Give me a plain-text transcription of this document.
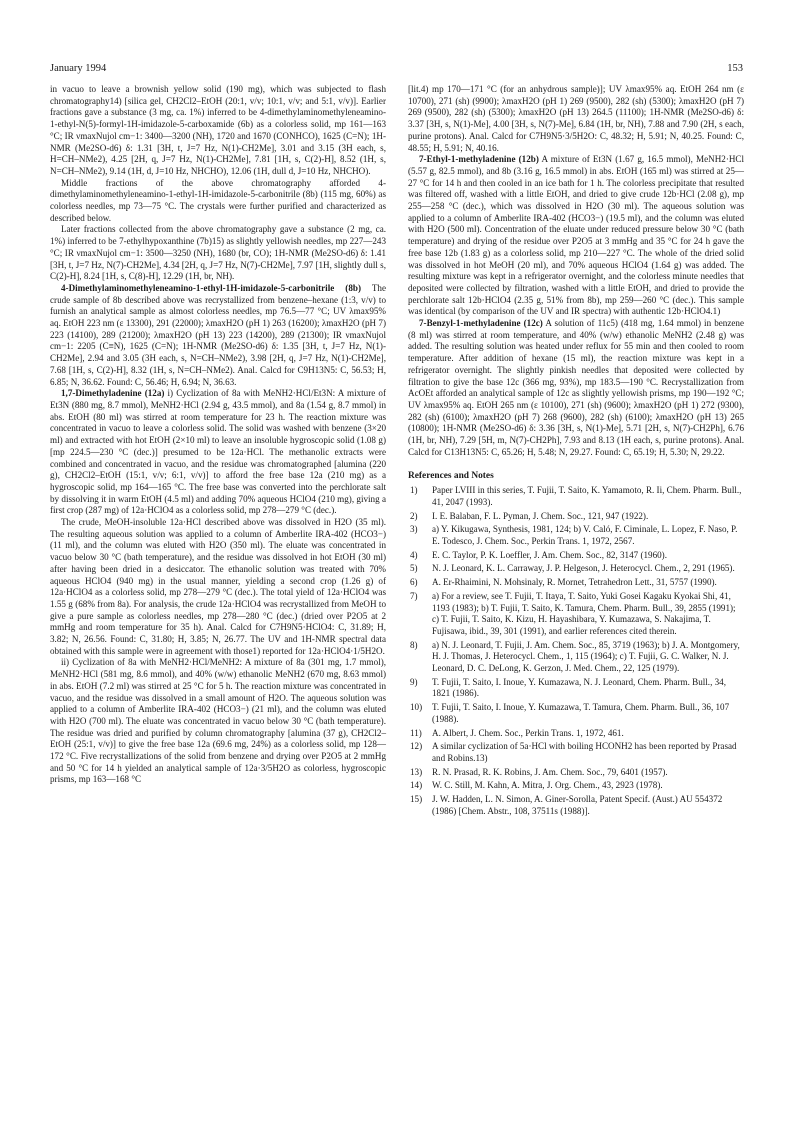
January 1994	153

in vacuo to leave a brownish yellow solid (190 mg), which was subjected to flash chromatography14) [silica gel, CH2Cl2–EtOH (20:1, v/v; 10:1, v/v; and 5:1, v/v)]. Earlier fractions gave a substance (3 mg, ca. 1%) inferred to be 4-dimethylaminomethyleneamino-1-ethyl-N(5)-formyl-1H-imidazole-5-carboxamide (6b) as a colorless solid, mp 161—163 °C; IR νmaxNujol cm−1: 3400—3200 (NH), 1720 and 1670 (CONHCO), 1625 (C=N); 1H-NMR (Me2SO-d6) δ: 1.31 [3H, t, J=7 Hz, N(1)-CH2Me], 3.01 and 3.15 (3H each, s, H=CH–NMe2), 4.25 [2H, q, J=7 Hz, N(1)-CH2Me], 7.81 [1H, s, C(2)-H], 8.52 (1H, s, N=CH–NMe2), 9.14 (1H, d, J=10 Hz, NHCHO), 12.06 (1H, dull d, J=10 Hz, NHCHO).

Middle fractions of the above chromatography afforded 4-dimethylaminomethyleneamino-1-ethyl-1H-imidazole-5-carbonitrile (8b) (115 mg, 60%) as colorless needles, mp 73—75 °C. The crystals were further purified and characterized as described below.

Later fractions collected from the above chromatography gave a substance (2 mg, ca. 1%) inferred to be 7-ethylhypoxanthine (7b)15) as slightly yellowish needles, mp 227—243 °C; IR νmaxNujol cm−1: 3500—3250 (NH), 1680 (br, CO); 1H-NMR (Me2SO-d6) δ: 1.41 [3H, t, J=7 Hz, N(7)-CH2Me], 4.34 [2H, q, J=7 Hz, N(7)-CH2Me], 7.97 [1H, slightly dull s, C(2)-H], 8.24 [1H, s, C(8)-H], 12.29 (1H, br, NH).

4-Dimethylaminomethyleneamino-1-ethyl-1H-imidazole-5-carbonitrile (8b) The crude sample of 8b described above was recrystallized from benzene–hexane (1:3, v/v) to furnish an analytical sample as almost colorless needles, mp 76.5—77 °C; UV λmax95% aq. EtOH 223 nm (ε 13300), 291 (22000); λmaxH2O (pH 1) 263 (16200); λmaxH2O (pH 7) 223 (14100), 289 (21200); λmaxH2O (pH 13) 223 (14200), 289 (21300); IR νmaxNujol cm−1: 2205 (C≡N), 1625 (C=N); 1H-NMR (Me2SO-d6) δ: 1.35 [3H, t, J=7 Hz, N(1)-CH2Me], 2.94 and 3.05 (3H each, s, N=CH–NMe2), 3.98 [2H, q, J=7 Hz, N(1)-CH2Me], 7.68 [1H, s, C(2)-H], 8.32 (1H, s, N=CH–NMe2). Anal. Calcd for C9H13N5: C, 56.53; H, 6.85; N, 36.62. Found: C, 56.46; H, 6.94; N, 36.63.

1,7-Dimethyladenine (12a) i) Cyclization of 8a with MeNH2·HCl/Et3N: A mixture of Et3N (880 mg, 8.7 mmol), MeNH2·HCl (2.94 g, 43.5 mmol), and 8a (1.54 g, 8.7 mmol) in abs. EtOH (80 ml) was stirred at room temperature for 23 h. The reaction mixture was concentrated in vacuo to leave a colorless solid. The solid was washed with benzene (3×20 ml) and extracted with hot EtOH (2×10 ml) to leave an insoluble hygroscopic solid (1.08 g) [mp 224.5—230 °C (dec.)] presumed to be 12a·HCl. The methanolic extracts were combined and concentrated in vacuo, and the residue was chromatographed [alumina (220 g), CH2Cl2–EtOH (15:1, v/v; 6:1, v/v)] to afford the free base 12a (210 mg) as a hygroscopic solid, mp 164—165 °C. The free base was converted into the perchlorate salt by dissolving it in warm EtOH (4.5 ml) and adding 70% aqueous HClO4 (210 mg), giving a first crop (287 mg) of 12a·HClO4 as a colorless solid, mp 278—279 °C (dec.).

The crude, MeOH-insoluble 12a·HCl described above was dissolved in H2O (35 ml). The resulting aqueous solution was applied to a column of Amberlite IRA-402 (HCO3−) (11 ml), and the column was eluted with H2O (350 ml). The eluate was concentrated in vacuo below 30 °C (bath temperature), and the residue was dissolved in hot EtOH (30 ml) after having been dried in a desiccator. The ethanolic solution was treated with 70% aqueous HClO4 (940 mg) in the usual manner, yielding a second crop (1.26 g) of 12a·HClO4 as a colorless solid, mp 278—279 °C (dec.). The total yield of 12a·HClO4 was 1.55 g (68% from 8a). For analysis, the crude 12a·HClO4 was recrystallized from MeOH to give a pure sample as colorless needles, mp 278—280 °C (dec.) (dried over P2O5 at 2 mmHg and room temperature for 35 h). Anal. Calcd for C7H9N5·HClO4: C, 31.89; H, 3.82; N, 26.56. Found: C, 31.80; H, 3.85; N, 26.77. The UV and 1H-NMR spectral data obtained with this sample were in agreement with those1) reported for 12a·HClO4·1/5H2O.

ii) Cyclization of 8a with MeNH2·HCl/MeNH2: A mixture of 8a (301 mg, 1.7 mmol), MeNH2·HCl (581 mg, 8.6 mmol), and 40% (w/w) ethanolic MeNH2 (670 mg, 8.63 mmol) in abs. EtOH (7.2 ml) was stirred at 25 °C for 5 h. The reaction mixture was concentrated in vacuo, and the residue was dissolved in a small amount of H2O. The aqueous solution was applied to a column of Amberlite IRA-402 (HCO3−) (21 ml), and the column was eluted with H2O (700 ml). The eluate was concentrated in vacuo below 30 °C (bath temperature). The residue was dried and purified by column chromatography [alumina (37 g), CH2Cl2–EtOH (25:1, v/v)] to give the free base 12a (69.6 mg, 24%) as a colorless solid, mp 128—172 °C. Five recrystallizations of the solid from benzene and drying over P2O5 at 2 mmHg and 50 °C for 14 h yielded an analytical sample of 12a·3/5H2O as colorless, hygroscopic prisms, mp 163—168 °C

[lit.4) mp 170—171 °C (for an anhydrous sample)]; UV λmax95% aq. EtOH 264 nm (ε 10700), 271 (sh) (9900); λmaxH2O (pH 1) 269 (9500), 282 (sh) (5300); λmaxH2O (pH 7) 269 (9500), 282 (sh) (5300); λmaxH2O (pH 13) 264.5 (11100); 1H-NMR (Me2SO-d6) δ: 3.37 [3H, s, N(1)-Me], 4.00 [3H, s, N(7)-Me], 6.84 (1H, br, NH), 7.88 and 7.90 (2H, s each, purine protons). Anal. Calcd for C7H9N5·3/5H2O: C, 48.32; H, 5.91; N, 40.25. Found: C, 48.55; H, 5.91; N, 40.16.

7-Ethyl-1-methyladenine (12b) A mixture of Et3N (1.67 g, 16.5 mmol), MeNH2·HCl (5.57 g, 82.5 mmol), and 8b (3.16 g, 16.5 mmol) in abs. EtOH (165 ml) was stirred at 25—27 °C for 14 h and then cooled in an ice bath for 1 h. The colorless precipitate that resulted was filtered off, washed with a little EtOH, and dried to give crude 12b·HCl (2.08 g), mp 255—258 °C (dec.), which was dissolved in H2O (30 ml). The aqueous solution was applied to a column of Amberlite IRA-402 (HCO3−) (19.5 ml), and the column was eluted with H2O (500 ml). Concentration of the eluate under reduced pressure below 30 °C (bath temperature) and drying of the residue over P2O5 at 3 mmHg and 35 °C for 24 h gave the free base 12b (1.83 g) as a colorless solid, mp 210—227 °C. The whole of the dried solid was dissolved in hot MeOH (20 ml), and 70% aqueous HClO4 (1.64 g) was added. The resulting mixture was kept in a refrigerator overnight, and the colorless minute needles that deposited were collected by filtration, washed with a little EtOH, and dried to provide the perchlorate salt 12b·HClO4 (2.35 g, 51% from 8b), mp 259—260 °C (dec.). This sample was identical (by comparison of the UV and IR spectra) with authentic 12b·HClO4.1)

7-Benzyl-1-methyladenine (12c) A solution of 11c5) (418 mg, 1.64 mmol) in benzene (8 ml) was stirred at room temperature, and 40% (w/w) ethanolic MeNH2 (2.48 g) was added. The resulting solution was heated under reflux for 55 min and then cooled to room temperature. After addition of hexane (15 ml), the reaction mixture was kept in a refrigerator overnight. The slightly pinkish needles that deposited were collected by filtration to give the base 12c (366 mg, 93%), mp 183.5—190 °C. Recrystallization from AcOEt afforded an analytical sample of 12c as slightly yellowish prisms, mp 190—192 °C; UV λmax95% aq. EtOH 265 nm (ε 10100), 271 (sh) (9600); λmaxH2O (pH 1) 272 (9300), 282 (sh) (6100); λmaxH2O (pH 7) 268 (9600), 282 (sh) (6100); λmaxH2O (pH 13) 265 (10800); 1H-NMR (Me2SO-d6) δ: 3.36 [3H, s, N(1)-Me], 5.71 [2H, s, N(7)-CH2Ph], 6.76 (1H, br, NH), 7.29 [5H, m, N(7)-CH2Ph], 7.93 and 8.13 (1H each, s, purine protons). Anal. Calcd for C13H13N5: C, 65.26; H, 5.48; N, 29.27. Found: C, 65.19; H, 5.30; N, 29.22.

References and Notes
1)	Paper LVIII in this series, T. Fujii, T. Saito, K. Yamamoto, R. Ii, Chem. Pharm. Bull., 41, 2047 (1993).
2)	I. E. Balaban, F. L. Pyman, J. Chem. Soc., 121, 947 (1922).
3)	a) Y. Kikugawa, Synthesis, 1981, 124; b) V. Caló, F. Ciminale, L. Lopez, F. Naso, P. E. Todesco, J. Chem. Soc., Perkin Trans. 1, 1972, 2567.
4)	E. C. Taylor, P. K. Loeffler, J. Am. Chem. Soc., 82, 3147 (1960).
5)	N. J. Leonard, K. L. Carraway, J. P. Helgeson, J. Heterocycl. Chem., 2, 291 (1965).
6)	A. Er-Rhaimini, N. Mohsinaly, R. Mornet, Tetrahedron Lett., 31, 5757 (1990).
7)	a) For a review, see T. Fujii, T. Itaya, T. Saito, Yuki Gosei Kagaku Kyokai Shi, 41, 1193 (1983); b) T. Fujii, T. Saito, K. Tamura, Chem. Pharm. Bull., 39, 2855 (1991); c) T. Fujii, T. Saito, K. Kizu, H. Hayashibara, Y. Kumazawa, S. Nakajima, T. Fujisawa, ibid., 39, 301 (1991), and earlier references cited therein.
8)	a) N. J. Leonard, T. Fujii, J. Am. Chem. Soc., 85, 3719 (1963); b) J. A. Montgomery, H. J. Thomas, J. Heterocycl. Chem., 1, 115 (1964); c) T. Fujii, G. C. Walker, N. J. Leonard, D. C. DeLong, K. Gerzon, J. Med. Chem., 22, 125 (1979).
9)	T. Fujii, T. Saito, I. Inoue, Y. Kumazawa, N. J. Leonard, Chem. Pharm. Bull., 34, 1821 (1986).
10)	T. Fujii, T. Saito, I. Inoue, Y. Kumazawa, T. Tamura, Chem. Pharm. Bull., 36, 107 (1988).
11)	A. Albert, J. Chem. Soc., Perkin Trans. 1, 1972, 461.
12)	A similar cyclization of 5a·HCl with boiling HCONH2 has been reported by Prasad and Robins.13)
13)	R. N. Prasad, R. K. Robins, J. Am. Chem. Soc., 79, 6401 (1957).
14)	W. C. Still, M. Kahn, A. Mitra, J. Org. Chem., 43, 2923 (1978).
15)	J. W. Hadden, L. N. Simon, A. Giner-Sorolla, Patent Specif. (Aust.) AU 554372 (1986) [Chem. Abstr., 108, 37511s (1988)].
